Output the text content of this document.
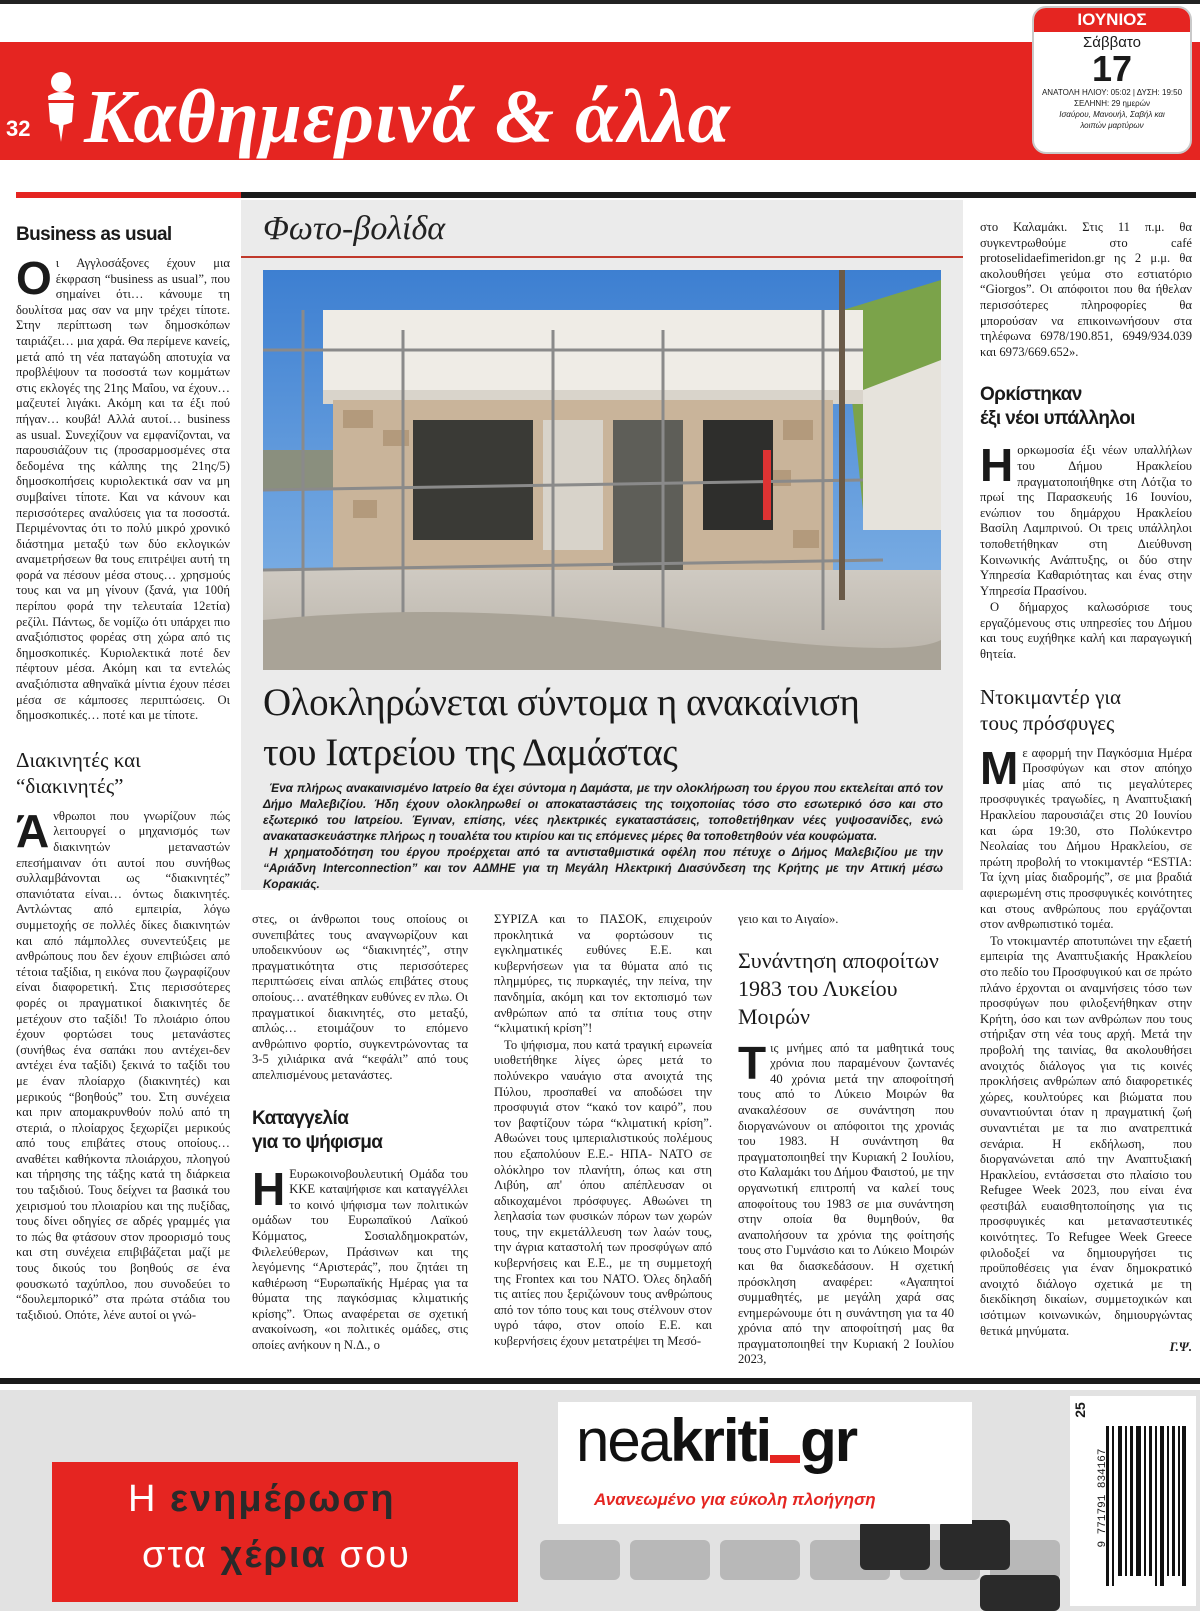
32 Καθημερινά & άλλα
ΙΟΥΝΙΟΣ
Σάββατο
17
ΑΝΑΤΟΛΗ ΗΛΙΟΥ: 05:02 | ΔΥΣΗ: 19:50
ΣΕΛΗΝΗ: 29 ημερών
Ισαύρου, Μανουήλ, Σαβήλ και λοιπών μαρτύρων
Business as usual

Οι Αγγλοσάξονες έχουν μια έκφραση “business as usual”, που σημαίνει ότι… κάνουμε τη δουλίτσα μας σαν να μην τρέχει τίποτε. Στην περίπτωση των δημοσκόπων ταιριάζει… μια χαρά. Θα περίμενε κανείς, μετά από τη νέα παταγώδη αποτυχία να προβλέψουν τα ποσοστά των κομμάτων στις εκλογές της 21ης Μαΐου, να έχουν… μαζευτεί λιγάκι. Ακόμη και τα έξι πού πήγαν… κουβά! Αλλά αυτοί… business as usual. Συνεχίζουν να εμφανίζονται, να παρουσιάζουν τις (προσαρμοσμένες στα δεδομένα της κάλπης της 21ης/5) δημοσκοπήσεις κυριολεκτικά σαν να μη συμβαίνει τίποτε. Και να κάνουν και περισσότερες αναλύσεις για τα ποσοστά. Περιμένοντας ότι το πολύ μικρό χρονικό διάστημα μεταξύ των δύο εκλογικών αναμετρήσεων θα τους επιτρέψει αυτή τη φορά να πέσουν μέσα στους… χρησμούς τους και να μη γίνουν (ξανά, για 100ή περίπου φορά την τελευταία 12ετία) ρεζίλι. Πάντως, δε νομίζω ότι υπάρχει πιο αναξιόπιστος φορέας στη χώρα από τις δημοσκοπικές. Κυριολεκτικά ποτέ δεν πέφτουν μέσα. Ακόμη και τα εντελώς αναξιόπιστα αθηναϊκά μίντια έχουν πέσει μέσα σε κάμποσες περιπτώσεις. Οι δημοσκοπικές… ποτέ και με τίποτε.

Διακινητές και
“διακινητές”

Άνθρωποι που γνωρίζουν πώς λειτουργεί ο μηχανισμός των διακινητών μεταναστών επεσήμαιναν ότι αυτοί που συνήθως συλλαμβάνονται ως “διακινητές” σπανιότατα είναι… όντως διακινητές. Αντλώντας από εμπειρία, λόγω συμμετοχής σε πολλές δίκες διακινητών και από πάμπολλες συνεντεύξεις με ανθρώπους που δεν έχουν επιβιώσει από τέτοια ταξίδια, η εικόνα που ζωγραφίζουν είναι διαφορετική. Στις περισσότερες φορές οι πραγματικοί διακινητές δε μετέχουν στο ταξίδι! Το πλοιάριο όπου έχουν φορτώσει τους μετανάστες (συνήθως ένα σαπάκι που αντέχει-δεν αντέχει ένα ταξίδι) ξεκινά το ταξίδι του με έναν πλοίαρχο (διακινητές) και μερικούς “βοηθούς” του. Στη συνέχεια και πριν απομακρυνθούν πολύ από τη στεριά, ο πλοίαρχος ξεχωρίζει μερικούς από τους επιβάτες στους οποίους… αναθέτει καθήκοντα πλοιάρχου, πλοηγού και τήρησης της τάξης κατά τη διάρκεια του ταξιδιού. Τους δείχνει τα βασικά του χειρισμού του πλοιαρίου και της πυξίδας, τους δίνει οδηγίες σε αδρές γραμμές για το πώς θα φτάσουν στον προορισμό τους και στη συνέχεια επιβιβάζεται μαζί με τους δικούς του βοηθούς σε ένα φουσκωτό ταχύπλοο, που συνοδεύει το “δουλεμπορικό” στα πρώτα στάδια του ταξιδιού. Οπότε, λένε αυτοί οι γνώ-

Φωτο-βολίδα
Ολοκληρώνεται σύντομα η ανακαίνιση
του Ιατρείου της Δαμάστας

Ένα πλήρως ανακαινισμένο Ιατρείο θα έχει σύντομα η Δαμάστα, με την ολοκλήρωση του έργου που εκτελείται από τον Δήμο Μαλεβιζίου. Ήδη έχουν ολοκληρωθεί οι αποκαταστάσεις της τοιχοποιίας τόσο στο εσωτερικό όσο και στο εξωτερικό του Ιατρείου. Έγιναν, επίσης, νέες ηλεκτρικές εγκαταστάσεις, τοποθετήθηκαν νέες γυψοσανίδες, ενώ ανακατασκευάστηκε πλήρως η τουαλέτα του κτιρίου και τις επόμενες μέρες θα τοποθετηθούν νέα κουφώματα.

Η χρηματοδότηση του έργου προέρχεται από τα αντισταθμιστικά οφέλη που πέτυχε ο Δήμος Μαλεβιζίου με την “Αριάδνη Interconnection” και τον ΑΔΜΗΕ για τη Μεγάλη Ηλεκτρική Διασύνδεση της Κρήτης με την Αττική μέσω Κορακιάς.

στες, οι άνθρωποι τους οποίους οι συνεπιβάτες τους αναγνωρίζουν και υποδεικνύουν ως “διακινητές”, στην πραγματικότητα στις περισσότερες περιπτώσεις είναι απλώς επιβάτες στους οποίους… ανατέθηκαν ευθύνες εν πλω. Οι πραγματικοί διακινητές, στο μεταξύ, απλώς… ετοιμάζουν το επόμενο ανθρώπινο φορτίο, συγκεντρώνοντας τα 3-5 χιλιάρικα ανά “κεφάλι” από τους απελπισμένους μετανάστες.

Καταγγελία
για το ψήφισμα

Η Ευρωκοινοβουλευτική Ομάδα του ΚΚΕ καταψήφισε και καταγγέλλει το κοινό ψήφισμα των πολιτικών ομάδων του Ευρωπαϊκού Λαϊκού Κόμματος, Σοσιαλδημοκρατών, Φιλελεύθερων, Πράσινων και της λεγόμενης “Αριστεράς”, που ζητάει τη καθιέρωση “Ευρωπαϊκής Ημέρας για τα θύματα της παγκόσμιας κλιματικής κρίσης”. Όπως αναφέρεται σε σχετική ανακοίνωση, «οι πολιτικές ομάδες, στις οποίες ανήκουν η Ν.Δ., ο

ΣΥΡΙΖΑ και το ΠΑΣΟΚ, επιχειρούν προκλητικά να φορτώσουν τις εγκληματικές ευθύνες Ε.Ε. και κυβερνήσεων για τα θύματα από τις πλημμύρες, τις πυρκαγιές, την πείνα, την πανδημία, ακόμη και τον εκτοπισμό των ανθρώπων από τα σπίτια τους στην “κλιματική κρίση”!

Το ψήφισμα, που κατά τραγική ειρωνεία υιοθετήθηκε λίγες ώρες μετά το πολύνεκρο ναυάγιο στα ανοιχτά της Πύλου, προσπαθεί να αποδώσει την προσφυγιά στον “κακό τον καιρό”, που τον βαφτίζουν τώρα “κλιματική κρίση”. Αθωώνει τους ιμπεριαλιστικούς πολέμους που εξαπολύουν Ε.Ε.- ΗΠΑ- ΝΑΤΟ σε ολόκληρο τον πλανήτη, όπως και στη Λιβύη, απ' όπου απέπλευσαν οι αδικοχαμένοι πρόσφυγες. Αθωώνει τη λεηλασία των φυσικών πόρων των χωρών τους, την εκμετάλλευση των λαών τους, την άγρια καταστολή των προσφύγων από κυβερνήσεις και Ε.Ε., με τη συμμετοχή της Frontex και του ΝΑΤΟ. Όλες δηλαδή τις αιτίες που ξεριζώνουν τους ανθρώπους από τον τόπο τους και τους στέλνουν στον υγρό τάφο, στον οποίο Ε.Ε. και κυβερνήσεις έχουν μετατρέψει τη Μεσό-

γειο και το Αιγαίο».

Συνάντηση αποφοίτων
1983 του Λυκείου
Μοιρών

Τις μνήμες από τα μαθητικά τους χρόνια που παραμένουν ζωντανές 40 χρόνια μετά την αποφοίτησή τους από το Λύκειο Μοιρών θα ανακαλέσουν σε συνάντηση που διοργανώνουν οι απόφοιτοι της χρονιάς του 1983. Η συνάντηση θα πραγματοποιηθεί την Κυριακή 2 Ιουλίου, στο Καλαμάκι του Δήμου Φαιστού, με την οργανωτική επιτροπή να καλεί τους αποφοίτους του 1983 σε μια συνάντηση στην οποία θα θυμηθούν, θα αναπολήσουν τα χρόνια της φοίτησής τους στο Γυμνάσιο και το Λύκειο Μοιρών και θα διασκεδάσουν. Η σχετική πρόσκληση αναφέρει: «Αγαπητοί συμμαθητές, με μεγάλη χαρά σας ενημερώνουμε ότι η συνάντηση για τα 40 χρόνια από την αποφοίτησή μας θα πραγματοποιηθεί την Κυριακή 2 Ιουλίου 2023,

στο Καλαμάκι. Στις 11 π.μ. θα συγκεντρωθούμε στο café protoselidaefimeridon.gr ης 2 μ.μ. θα ακολουθήσει γεύμα στο εστιατόριο “Giorgos”. Οι απόφοιτοι που θα ήθελαν περισσότερες πληροφορίες θα μπορούσαν να επικοινωνήσουν στα τηλέφωνα 6978/190.851, 6949/934.039 και 6973/669.652».

Ορκίστηκαν
έξι νέοι υπάλληλοι

Ηορκωμοσία έξι νέων υπαλλήλων του Δήμου Ηρακλείου πραγματοποιήθηκε στη Λότζια το πρωί της Παρασκευής 16 Ιουνίου, ενώπιον του δημάρχου Ηρακλείου Βασίλη Λαμπρινού. Οι τρεις υπάλληλοι τοποθετήθηκαν στη Διεύθυνση Κοινωνικής Ανάπτυξης, οι δύο στην Υπηρεσία Καθαριότητας και ένας στην Υπηρεσία Πρασίνου.

Ο δήμαρχος καλωσόρισε τους εργαζόμενους στις υπηρεσίες του Δήμου και τους ευχήθηκε καλή και παραγωγική θητεία.

Ντοκιμαντέρ για
τους πρόσφυγες

Με αφορμή την Παγκόσμια Ημέρα Προσφύγων και στον απόηχο μίας από τις μεγαλύτερες προσφυγικές τραγωδίες, η Αναπτυξιακή Ηρακλείου παρουσιάζει στις 20 Ιουνίου και ώρα 19:30, στο Πολύκεντρο Νεολαίας του Δήμου Ηρακλείου, σε πρώτη προβολή το ντοκιμαντέρ “ESTIA: Τα ίχνη μίας διαδρομής”, σε μια βραδιά αφιερωμένη στις προσφυγικές κοινότητες και στους ανθρώπους που εργάζονται στον ανθρωπιστικό τομέα.

Το ντοκιμαντέρ αποτυπώνει την εξαετή εμπειρία της Αναπτυξιακής Ηρακλείου στο πεδίο του Προσφυγικού και σε πρώτο πλάνο έρχονται οι αναμνήσεις τόσο των προσφύγων που φιλοξενήθηκαν στην Κρήτη, όσο και των ανθρώπων που τους στήριξαν στη νέα τους αρχή. Μετά την προβολή της ταινίας, θα ακολουθήσει ανοιχτός διάλογος για τις κοινές προκλήσεις ανθρώπων από διαφορετικές χώρες, κουλτούρες και βιώματα που συναντιούνται όταν η πραγματική ζωή συναντιέται με τα πιο ανατρεπτικά σενάρια. Η εκδήλωση, που διοργανώνεται από την Αναπτυξιακή Ηρακλείου, εντάσσεται στο πλαίσιο του Refugee Week 2023, που είναι ένα φεστιβάλ ευαισθητοποίησης για τις προσφυγικές και μεταναστευτικές κοινότητες. Το Refugee Week Greece φιλοδοξεί να δημιουργήσει τις προϋποθέσεις για έναν δημοκρατικό ανοιχτό διάλογο σχετικά με τη διεκδίκηση δικαίων, συμμετοχικών και ισότιμων κοινωνικών, δημιουργώντας θετικά μηνύματα.

Γ.Ψ.
Η ενημέρωση
στα χέρια σου
neakriti gr
Ανανεωμένο για εύκολη πλοήγηση	9 771791 834167
25
